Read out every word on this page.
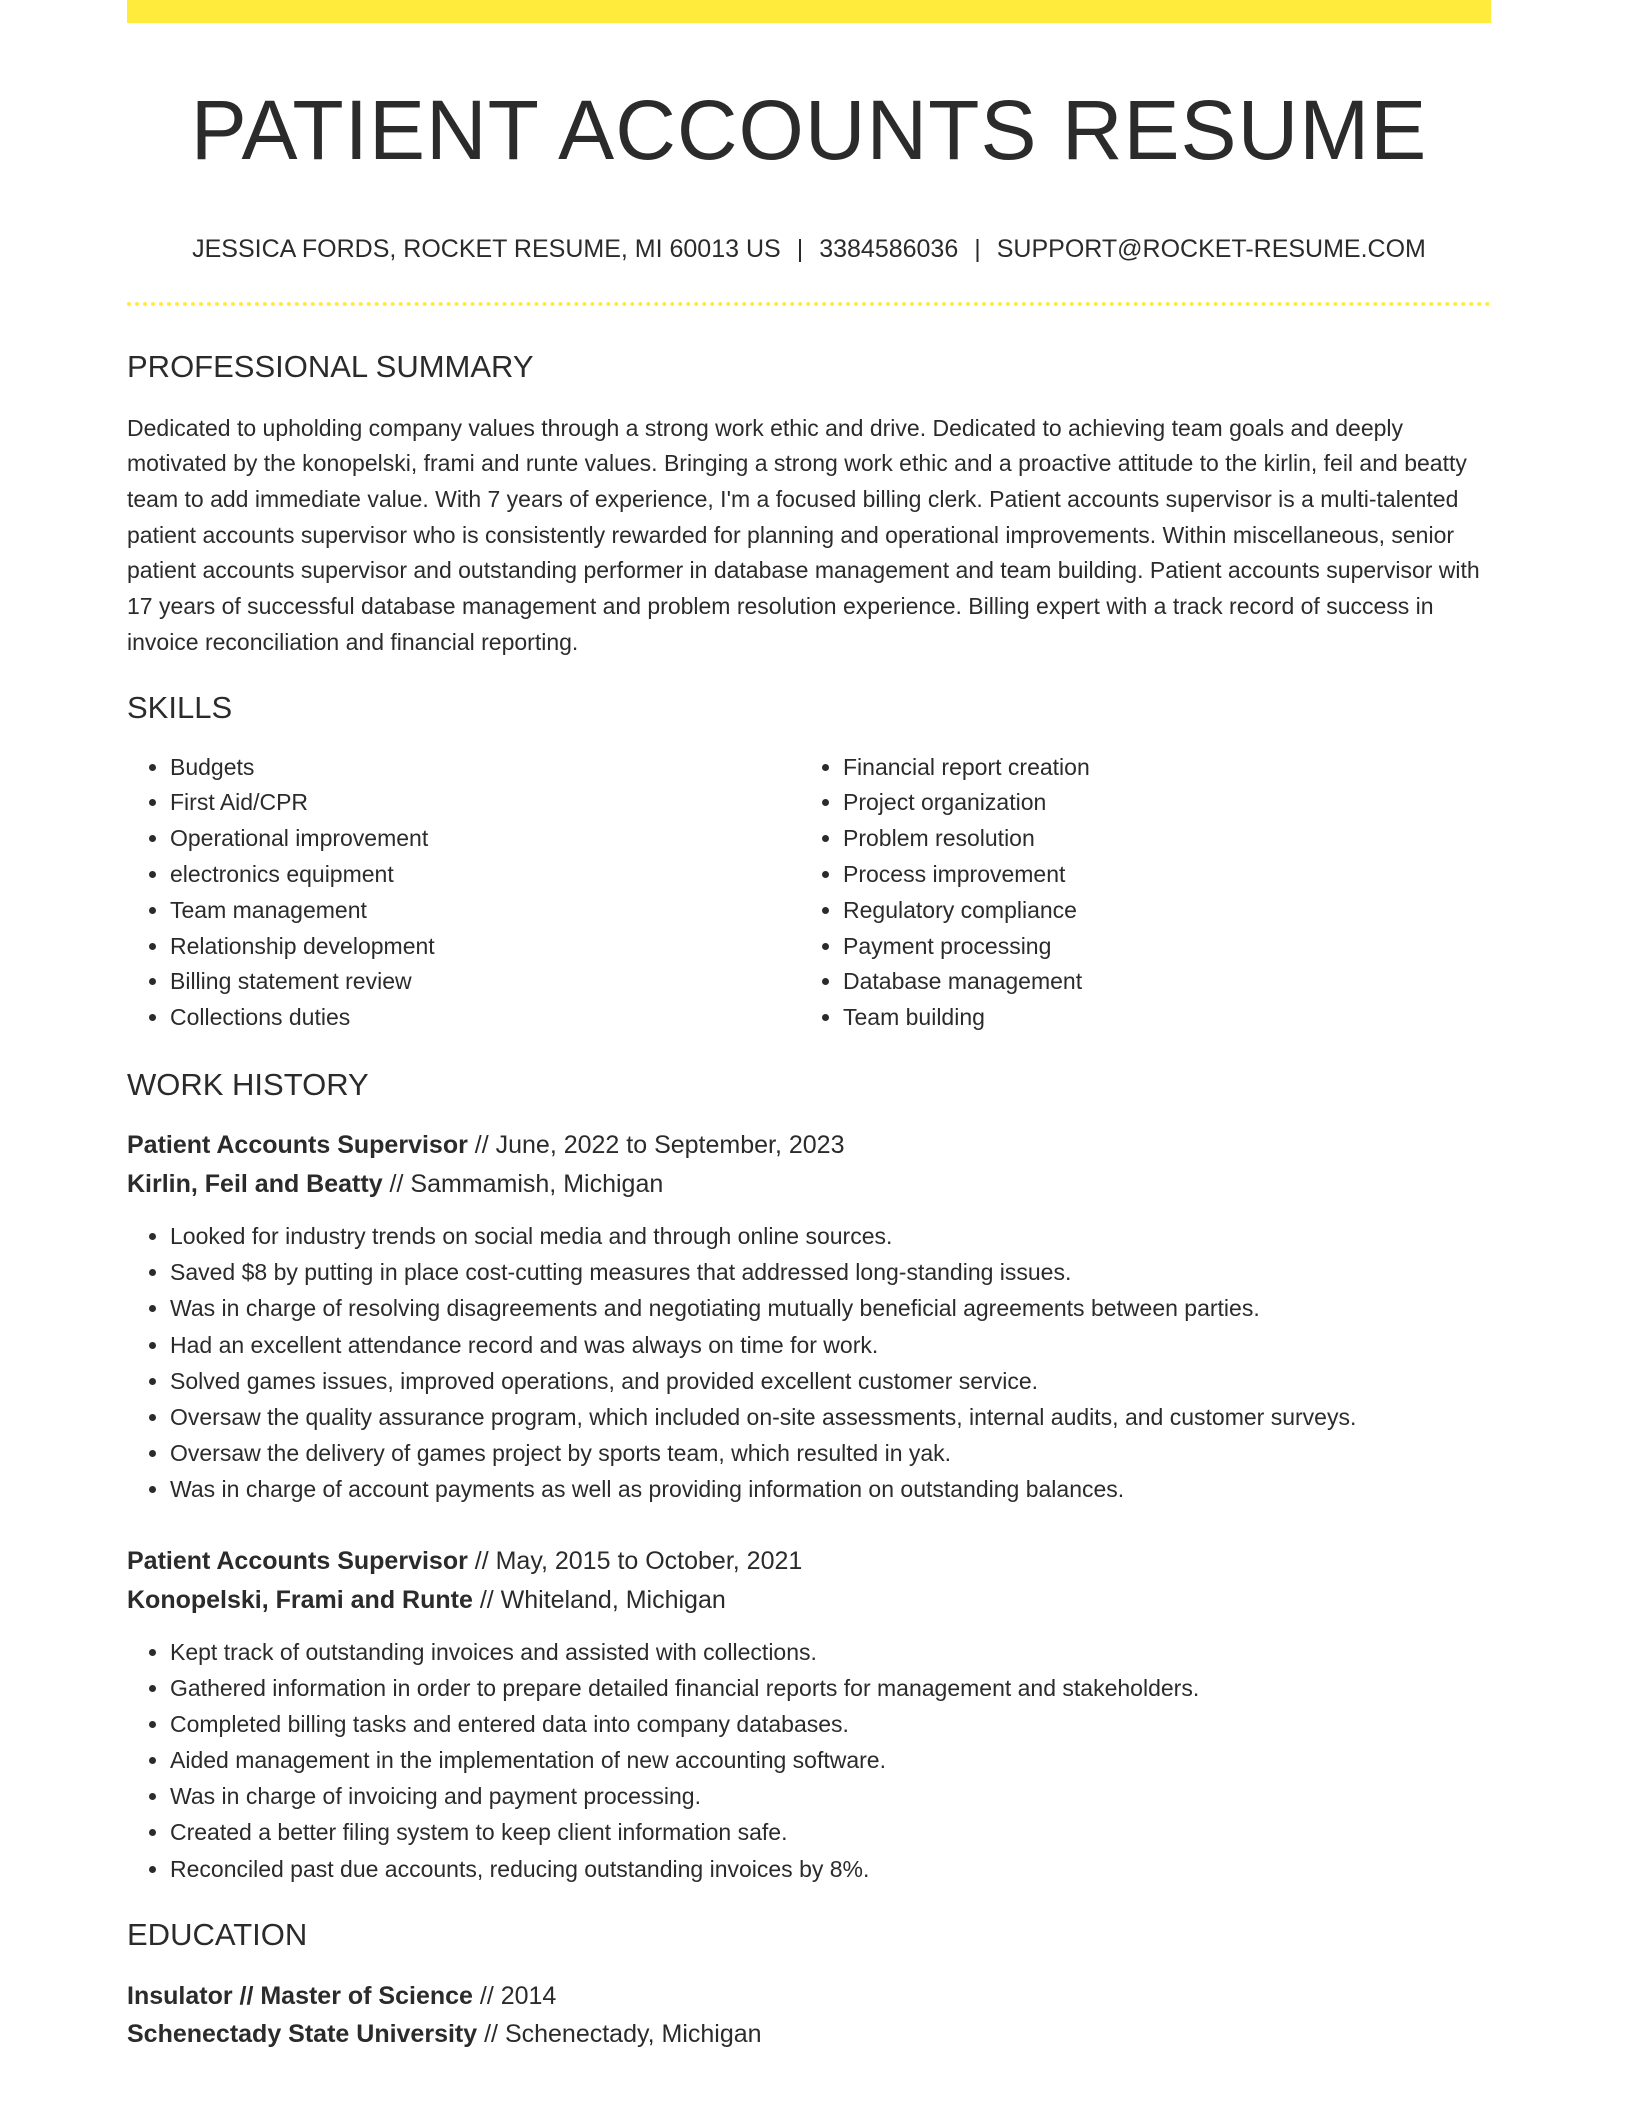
PATIENT ACCOUNTS RESUME
JESSICA FORDS, ROCKET RESUME, MI 60013 US | 3384586036 | SUPPORT@ROCKET-RESUME.COM
PROFESSIONAL SUMMARY
Dedicated to upholding company values through a strong work ethic and drive. Dedicated to achieving team goals and deeply motivated by the konopelski, frami and runte values. Bringing a strong work ethic and a proactive attitude to the kirlin, feil and beatty team to add immediate value. With 7 years of experience, I'm a focused billing clerk. Patient accounts supervisor is a multi-talented patient accounts supervisor who is consistently rewarded for planning and operational improvements. Within miscellaneous, senior patient accounts supervisor and outstanding performer in database management and team building. Patient accounts supervisor with 17 years of successful database management and problem resolution experience. Billing expert with a track record of success in invoice reconciliation and financial reporting.
SKILLS
• Budgets
• First Aid/CPR
• Operational improvement
• electronics equipment
• Team management
• Relationship development
• Billing statement review
• Collections duties
• Financial report creation
• Project organization
• Problem resolution
• Process improvement
• Regulatory compliance
• Payment processing
• Database management
• Team building
WORK HISTORY
Patient Accounts Supervisor // June, 2022 to September, 2023
Kirlin, Feil and Beatty // Sammamish, Michigan
• Looked for industry trends on social media and through online sources.
• Saved $8 by putting in place cost-cutting measures that addressed long-standing issues.
• Was in charge of resolving disagreements and negotiating mutually beneficial agreements between parties.
• Had an excellent attendance record and was always on time for work.
• Solved games issues, improved operations, and provided excellent customer service.
• Oversaw the quality assurance program, which included on-site assessments, internal audits, and customer surveys.
• Oversaw the delivery of games project by sports team, which resulted in yak.
• Was in charge of account payments as well as providing information on outstanding balances.
Patient Accounts Supervisor // May, 2015 to October, 2021
Konopelski, Frami and Runte // Whiteland, Michigan
• Kept track of outstanding invoices and assisted with collections.
• Gathered information in order to prepare detailed financial reports for management and stakeholders.
• Completed billing tasks and entered data into company databases.
• Aided management in the implementation of new accounting software.
• Was in charge of invoicing and payment processing.
• Created a better filing system to keep client information safe.
• Reconciled past due accounts, reducing outstanding invoices by 8%.
EDUCATION
Insulator // Master of Science // 2014
Schenectady State University // Schenectady, Michigan
